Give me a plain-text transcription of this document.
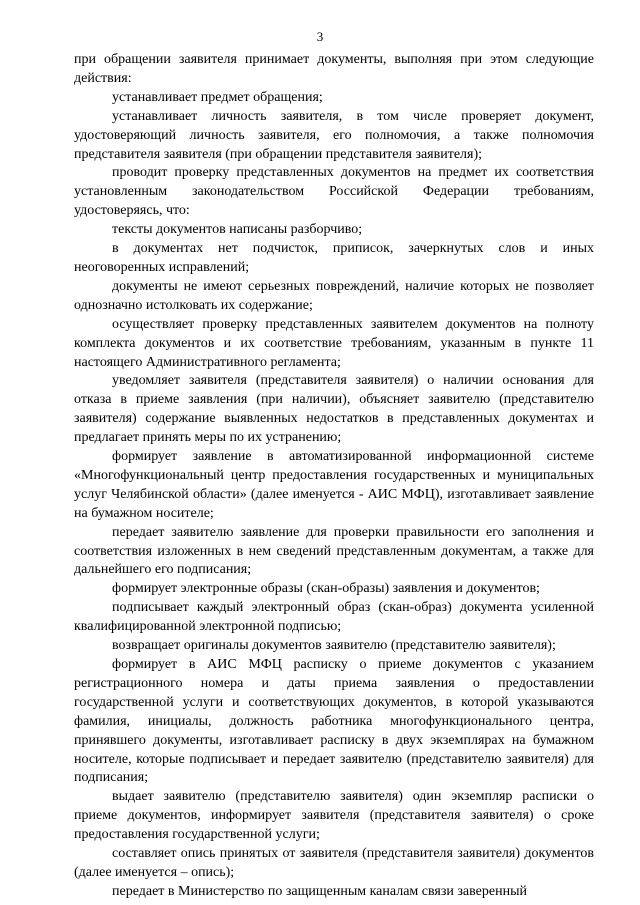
3

при обращении заявителя принимает документы, выполняя при этом следующие действия:

устанавливает предмет обращения;

устанавливает личность заявителя, в том числе проверяет документ, удостоверяющий личность заявителя, его полномочия, а также полномочия представителя заявителя (при обращении представителя заявителя);

проводит проверку представленных документов на предмет их соответствия установленным законодательством Российской Федерации требованиям, удостоверяясь, что:

тексты документов написаны разборчиво;

в документах нет подчисток, приписок, зачеркнутых слов и иных неоговоренных исправлений;

документы не имеют серьезных повреждений, наличие которых не позволяет однозначно истолковать их содержание;

осуществляет проверку представленных заявителем документов на полноту комплекта документов и их соответствие требованиям, указанным в пункте 11 настоящего Административного регламента;

уведомляет заявителя (представителя заявителя) о наличии основания для отказа в приеме заявления (при наличии), объясняет заявителю (представителю заявителя) содержание выявленных недостатков в представленных документах и предлагает принять меры по их устранению;

формирует заявление в автоматизированной информационной системе «Многофункциональный центр предоставления государственных и муниципальных услуг Челябинской области» (далее именуется - АИС МФЦ), изготавливает заявление на бумажном носителе;

передает заявителю заявление для проверки правильности его заполнения и соответствия изложенных в нем сведений представленным документам, а также для дальнейшего его подписания;

формирует электронные образы (скан-образы) заявления и документов;

подписывает каждый электронный образ (скан-образ) документа усиленной квалифицированной электронной подписью;

возвращает оригиналы документов заявителю (представителю заявителя);

формирует в АИС МФЦ расписку о приеме документов с указанием регистрационного номера и даты приема заявления о предоставлении государственной услуги и соответствующих документов, в которой указываются фамилия, инициалы, должность работника многофункционального центра, принявшего документы, изготавливает расписку в двух экземплярах на бумажном носителе, которые подписывает и передает заявителю (представителю заявителя) для подписания;

выдает заявителю (представителю заявителя) один экземпляр расписки о приеме документов, информирует заявителя (представителя заявителя) о сроке предоставления государственной услуги;

составляет опись принятых от заявителя (представителя заявителя) документов (далее именуется – опись);

передает в Министерство по защищенным каналам связи заверенный
